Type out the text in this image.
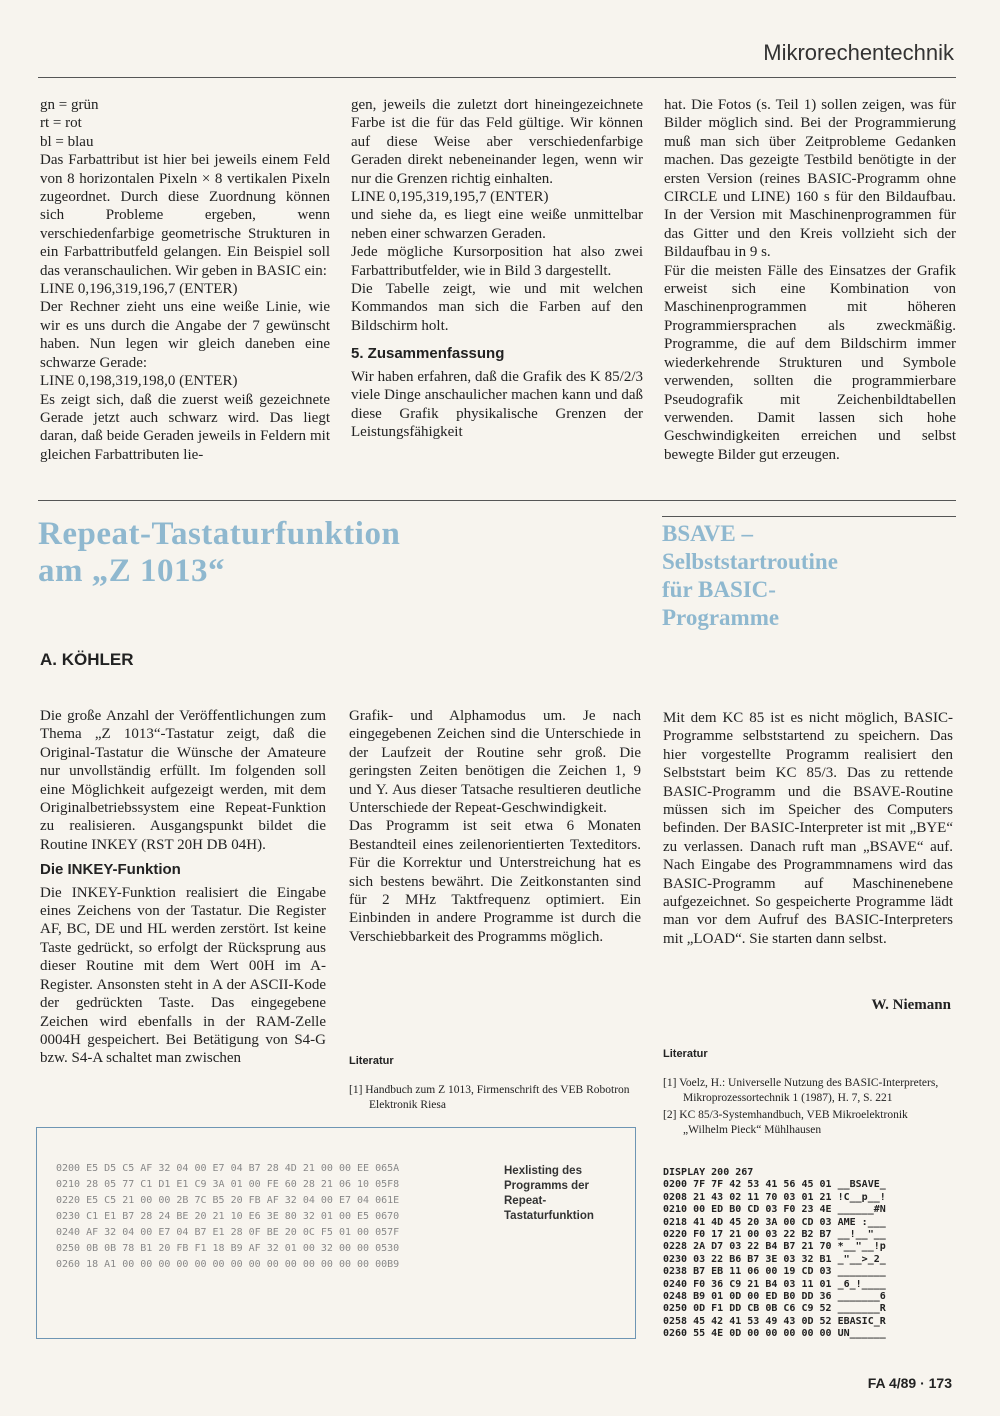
Mikrorechentechnik

gn = grün

rt = rot

bl = blau

Das Farbattribut ist hier bei jeweils einem Feld von 8 horizontalen Pixeln × 8 vertikalen Pixeln zugeordnet. Durch diese Zuordnung können sich Probleme ergeben, wenn verschiedenfarbige geometrische Strukturen in ein Farbattributfeld gelangen. Ein Beispiel soll das veranschaulichen. Wir geben in BASIC ein:

LINE 0,196,319,196,7 (ENTER)

Der Rechner zieht uns eine weiße Linie, wie wir es uns durch die Angabe der 7 gewünscht haben. Nun legen wir gleich daneben eine schwarze Gerade:

LINE 0,198,319,198,0 (ENTER)

Es zeigt sich, daß die zuerst weiß gezeichnete Gerade jetzt auch schwarz wird. Das liegt daran, daß beide Geraden jeweils in Feldern mit gleichen Farbattributen lie-

gen, jeweils die zuletzt dort hineingezeichnete Farbe ist die für das Feld gültige. Wir können auf diese Weise aber verschiedenfarbige Geraden direkt nebeneinander legen, wenn wir nur die Grenzen richtig einhalten.

LINE 0,195,319,195,7 (ENTER)

und siehe da, es liegt eine weiße unmittelbar neben einer schwarzen Geraden.

Jede mögliche Kursorposition hat also zwei Farbattributfelder, wie in Bild 3 dargestellt.

Die Tabelle zeigt, wie und mit welchen Kommandos man sich die Farben auf den Bildschirm holt.

5. Zusammenfassung

Wir haben erfahren, daß die Grafik des K 85/2/3 viele Dinge anschaulicher machen kann und daß diese Grafik physikalische Grenzen der Leistungsfähigkeit

hat. Die Fotos (s. Teil 1) sollen zeigen, was für Bilder möglich sind. Bei der Programmierung muß man sich über Zeitprobleme Gedanken machen. Das gezeigte Testbild benötigte in der ersten Version (reines BASIC-Programm ohne CIRCLE und LINE) 160 s für den Bildaufbau. In der Version mit Maschinenprogrammen für das Gitter und den Kreis vollzieht sich der Bildaufbau in 9 s.

Für die meisten Fälle des Einsatzes der Grafik erweist sich eine Kombination von Maschinenprogrammen mit höheren Programmiersprachen als zweckmäßig. Programme, die auf dem Bildschirm immer wiederkehrende Strukturen und Symbole verwenden, sollten die programmierbare Pseudografik mit Zeichenbildtabellen verwenden. Damit lassen sich hohe Geschwindigkeiten erreichen und selbst bewegte Bilder gut erzeugen.

Repeat-Tastaturfunktion
am „Z 1013“
A. KÖHLER

Die große Anzahl der Veröffentlichungen zum Thema „Z 1013“-Tastatur zeigt, daß die Original-Tastatur die Wünsche der Amateure nur unvollständig erfüllt. Im folgenden soll eine Möglichkeit aufgezeigt werden, mit dem Originalbetriebssystem eine Repeat-Funktion zu realisieren. Ausgangspunkt bildet die Routine INKEY (RST 20H DB 04H).

Die INKEY-Funktion

Die INKEY-Funktion realisiert die Eingabe eines Zeichens von der Tastatur. Die Register AF, BC, DE und HL werden zerstört. Ist keine Taste gedrückt, so erfolgt der Rücksprung aus dieser Routine mit dem Wert 00H im A-Register. Ansonsten steht in A der ASCII-Kode der gedrückten Taste. Das eingegebene Zeichen wird ebenfalls in der RAM-Zelle 0004H gespeichert. Bei Betätigung von S4-G bzw. S4-A schaltet man zwischen

Grafik- und Alphamodus um. Je nach eingegebenen Zeichen sind die Unterschiede in der Laufzeit der Routine sehr groß. Die geringsten Zeiten benötigen die Zeichen 1, 9 und Y. Aus dieser Tatsache resultieren deutliche Unterschiede der Repeat-Geschwindigkeit.

Das Programm ist seit etwa 6 Monaten Bestandteil eines zeilenorientierten Texteditors. Für die Korrektur und Unterstreichung hat es sich bestens bewährt. Die Zeitkonstanten sind für 2 MHz Taktfrequenz optimiert. Ein Einbinden in andere Programme ist durch die Verschiebbarkeit des Programms möglich.

Literatur

[1] Handbuch zum Z 1013, Firmenschrift des VEB Robotron Elektronik Riesa

0200 E5 D5 C5 AF 32 04 00 E7 04 B7 28 4D 21 00 00 EE 065A
0210 28 05 77 C1 D1 E1 C9 3A 01 00 FE 60 28 21 06 10 05F8
0220 E5 C5 21 00 00 2B 7C B5 20 FB AF 32 04 00 E7 04 061E
0230 C1 E1 B7 28 24 BE 20 21 10 E6 3E 80 32 01 00 E5 0670
0240 AF 32 04 00 E7 04 B7 E1 28 0F BE 20 0C F5 01 00 057F
0250 0B 0B 78 B1 20 FB F1 18 B9 AF 32 01 00 32 00 00 0530
0260 18 A1 00 00 00 00 00 00 00 00 00 00 00 00 00 00 00B9
Hexlisting des Programms der Repeat-Tastaturfunktion
BSAVE –
Selbststartroutine
für BASIC-
Programme

Mit dem KC 85 ist es nicht möglich, BASIC-Programme selbststartend zu speichern. Das hier vorgestellte Programm realisiert den Selbststart beim KC 85/3. Das zu rettende BASIC-Programm und die BSAVE-Routine müssen sich im Speicher des Computers befinden. Der BASIC-Interpreter ist mit „BYE“ zu verlassen. Danach ruft man „BSAVE“ auf. Nach Eingabe des Programmnamens wird das BASIC-Programm auf Maschinenebene aufgezeichnet. So gespeicherte Programme lädt man vor dem Aufruf des BASIC-Interpreters mit „LOAD“. Sie starten dann selbst.

W. Niemann
Literatur

[1] Voelz, H.: Universelle Nutzung des BASIC-Interpreters, Mikroprozessortechnik 1 (1987), H. 7, S. 221

[2] KC 85/3-Systemhandbuch, VEB Mikroelektronik „Wilhelm Pieck“ Mühlhausen

DISPLAY 200 267
0200 7F 7F 42 53 41 56 45 01 __BSAVE_
0208 21 43 02 11 70 03 01 21 !C__p__!
0210 00 ED B0 CD 03 F0 23 4E ______#N
0218 41 4D 45 20 3A 00 CD 03 AME :___
0220 F0 17 21 00 03 22 B2 B7 __!__"__
0228 2A D7 03 22 B4 B7 21 70 *__"__!p
0230 03 22 B6 B7 3E 03 32 B1 _"__>_2_
0238 B7 EB 11 06 00 19 CD 03 ________
0240 F0 36 C9 21 B4 03 11 01 _6_!____
0248 B9 01 0D 00 ED B0 DD 36 _______6
0250 0D F1 DD CB 0B C6 C9 52 _______R
0258 45 42 41 53 49 43 0D 52 EBASIC_R
0260 55 4E 0D 00 00 00 00 00 UN______
FA 4/89 · 173
